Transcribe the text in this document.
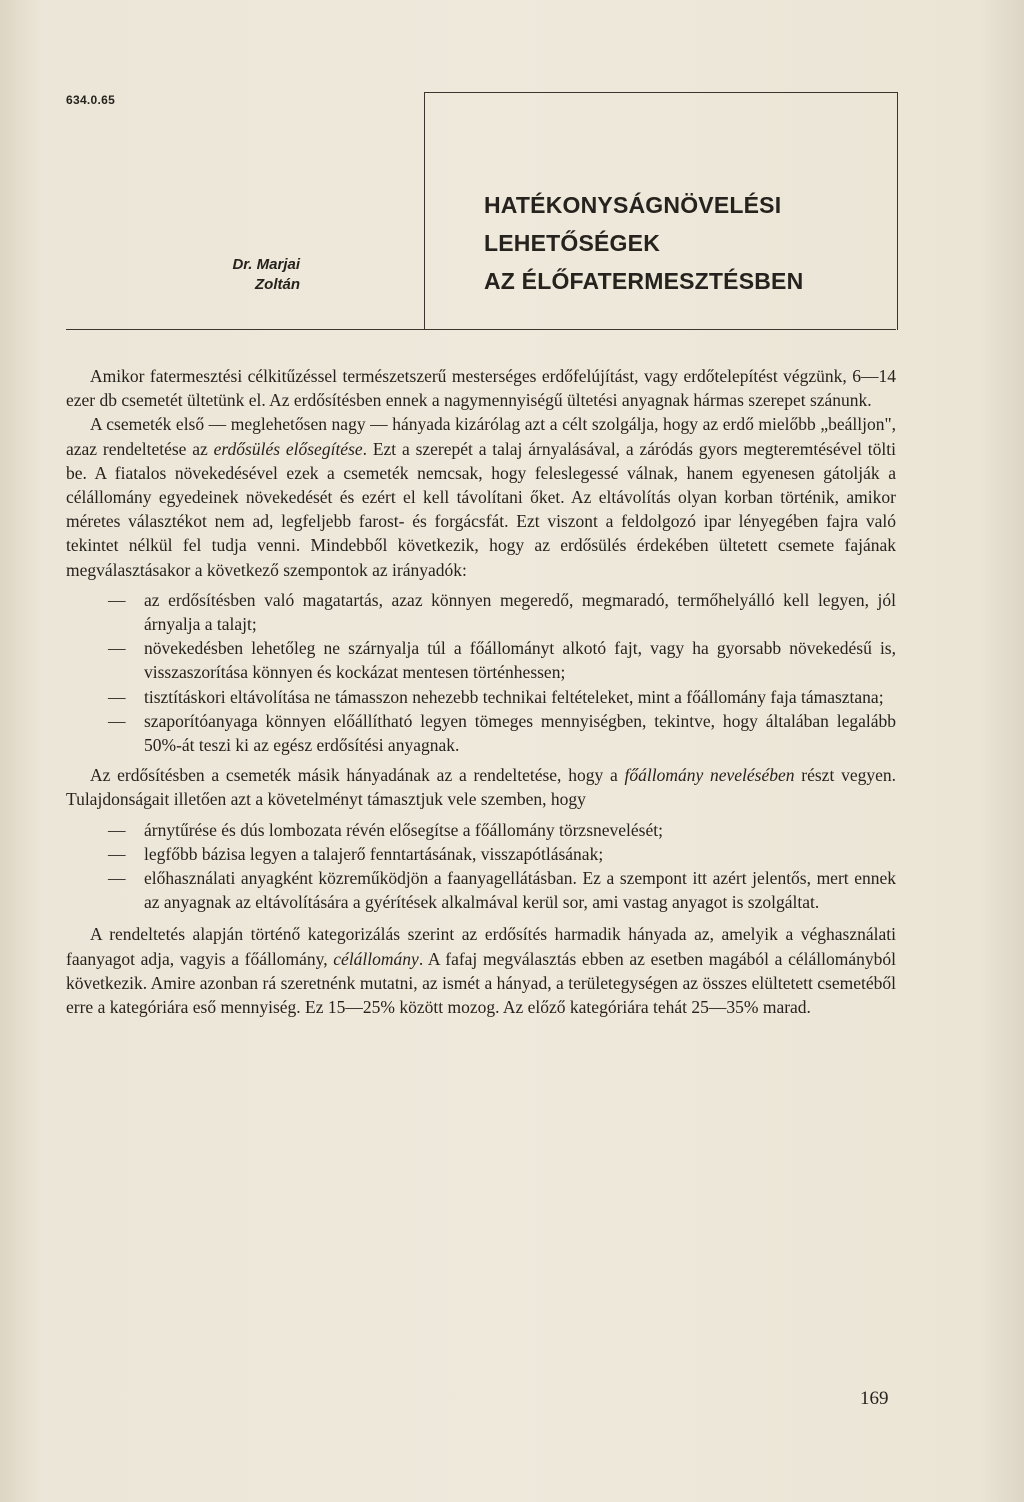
634.0.65
Dr. Marjai
Zoltán
HATÉKONYSÁGNÖVELÉSI
LEHETŐSÉGEK
AZ ÉLŐFATERMESZTÉSBEN

Amikor fatermesztési célkitűzéssel természetszerű mesterséges erdőfelújítást, vagy erdőtelepítést végzünk, 6—14 ezer db csemetét ültetünk el. Az erdősítésben ennek a nagymennyiségű ültetési anyagnak hármas szerepet szánunk.

A csemeték első — meglehetősen nagy — hányada kizárólag azt a célt szolgálja, hogy az erdő mielőbb „beálljon", azaz rendeltetése az erdősülés elősegítése. Ezt a szerepét a talaj árnyalásával, a záródás gyors megteremtésével tölti be. A fiatalos növekedésével ezek a csemeték nemcsak, hogy feleslegessé válnak, hanem egyenesen gátolják a célállomány egyedeinek növekedését és ezért el kell távolítani őket. Az eltávolítás olyan korban történik, amikor méretes választékot nem ad, legfeljebb farost- és forgácsfát. Ezt viszont a feldolgozó ipar lényegében fajra való tekintet nélkül fel tudja venni. Mindebből következik, hogy az erdősülés érdekében ültetett csemete fajának megválasztásakor a következő szempontok az irányadók:

— az erdősítésben való magatartás, azaz könnyen megeredő, megmaradó, termőhelyálló kell legyen, jól árnyalja a talajt;
— növekedésben lehetőleg ne szárnyalja túl a főállományt alkotó fajt, vagy ha gyorsabb növekedésű is, visszaszorítása könnyen és kockázat mentesen történhessen;
— tisztításkori eltávolítása ne támasszon nehezebb technikai feltételeket, mint a főállomány faja támasztana;
— szaporítóanyaga könnyen előállítható legyen tömeges mennyiségben, tekintve, hogy általában legalább 50%-át teszi ki az egész erdősítési anyagnak.

Az erdősítésben a csemeték másik hányadának az a rendeltetése, hogy a főállomány nevelésében részt vegyen. Tulajdonságait illetően azt a követelményt támasztjuk vele szemben, hogy

— árnytűrése és dús lombozata révén elősegítse a főállomány törzsnevelését;
— legfőbb bázisa legyen a talajerő fenntartásának, visszapótlásának;
— előhasználati anyagként közreműködjön a faanyagellátásban. Ez a szempont itt azért jelentős, mert ennek az anyagnak az eltávolítására a gyérítések alkalmával kerül sor, ami vastag anyagot is szolgáltat.

A rendeltetés alapján történő kategorizálás szerint az erdősítés harmadik hányada az, amelyik a véghasználati faanyagot adja, vagyis a főállomány, célállomány. A fafaj megválasztás ebben az esetben magából a célállományból következik. Amire azonban rá szeretnénk mutatni, az ismét a hányad, a területegységen az összes elültetett csemetéből erre a kategóriára eső mennyiség. Ez 15—25% között mozog. Az előző kategóriára tehát 25—35% marad.

169
